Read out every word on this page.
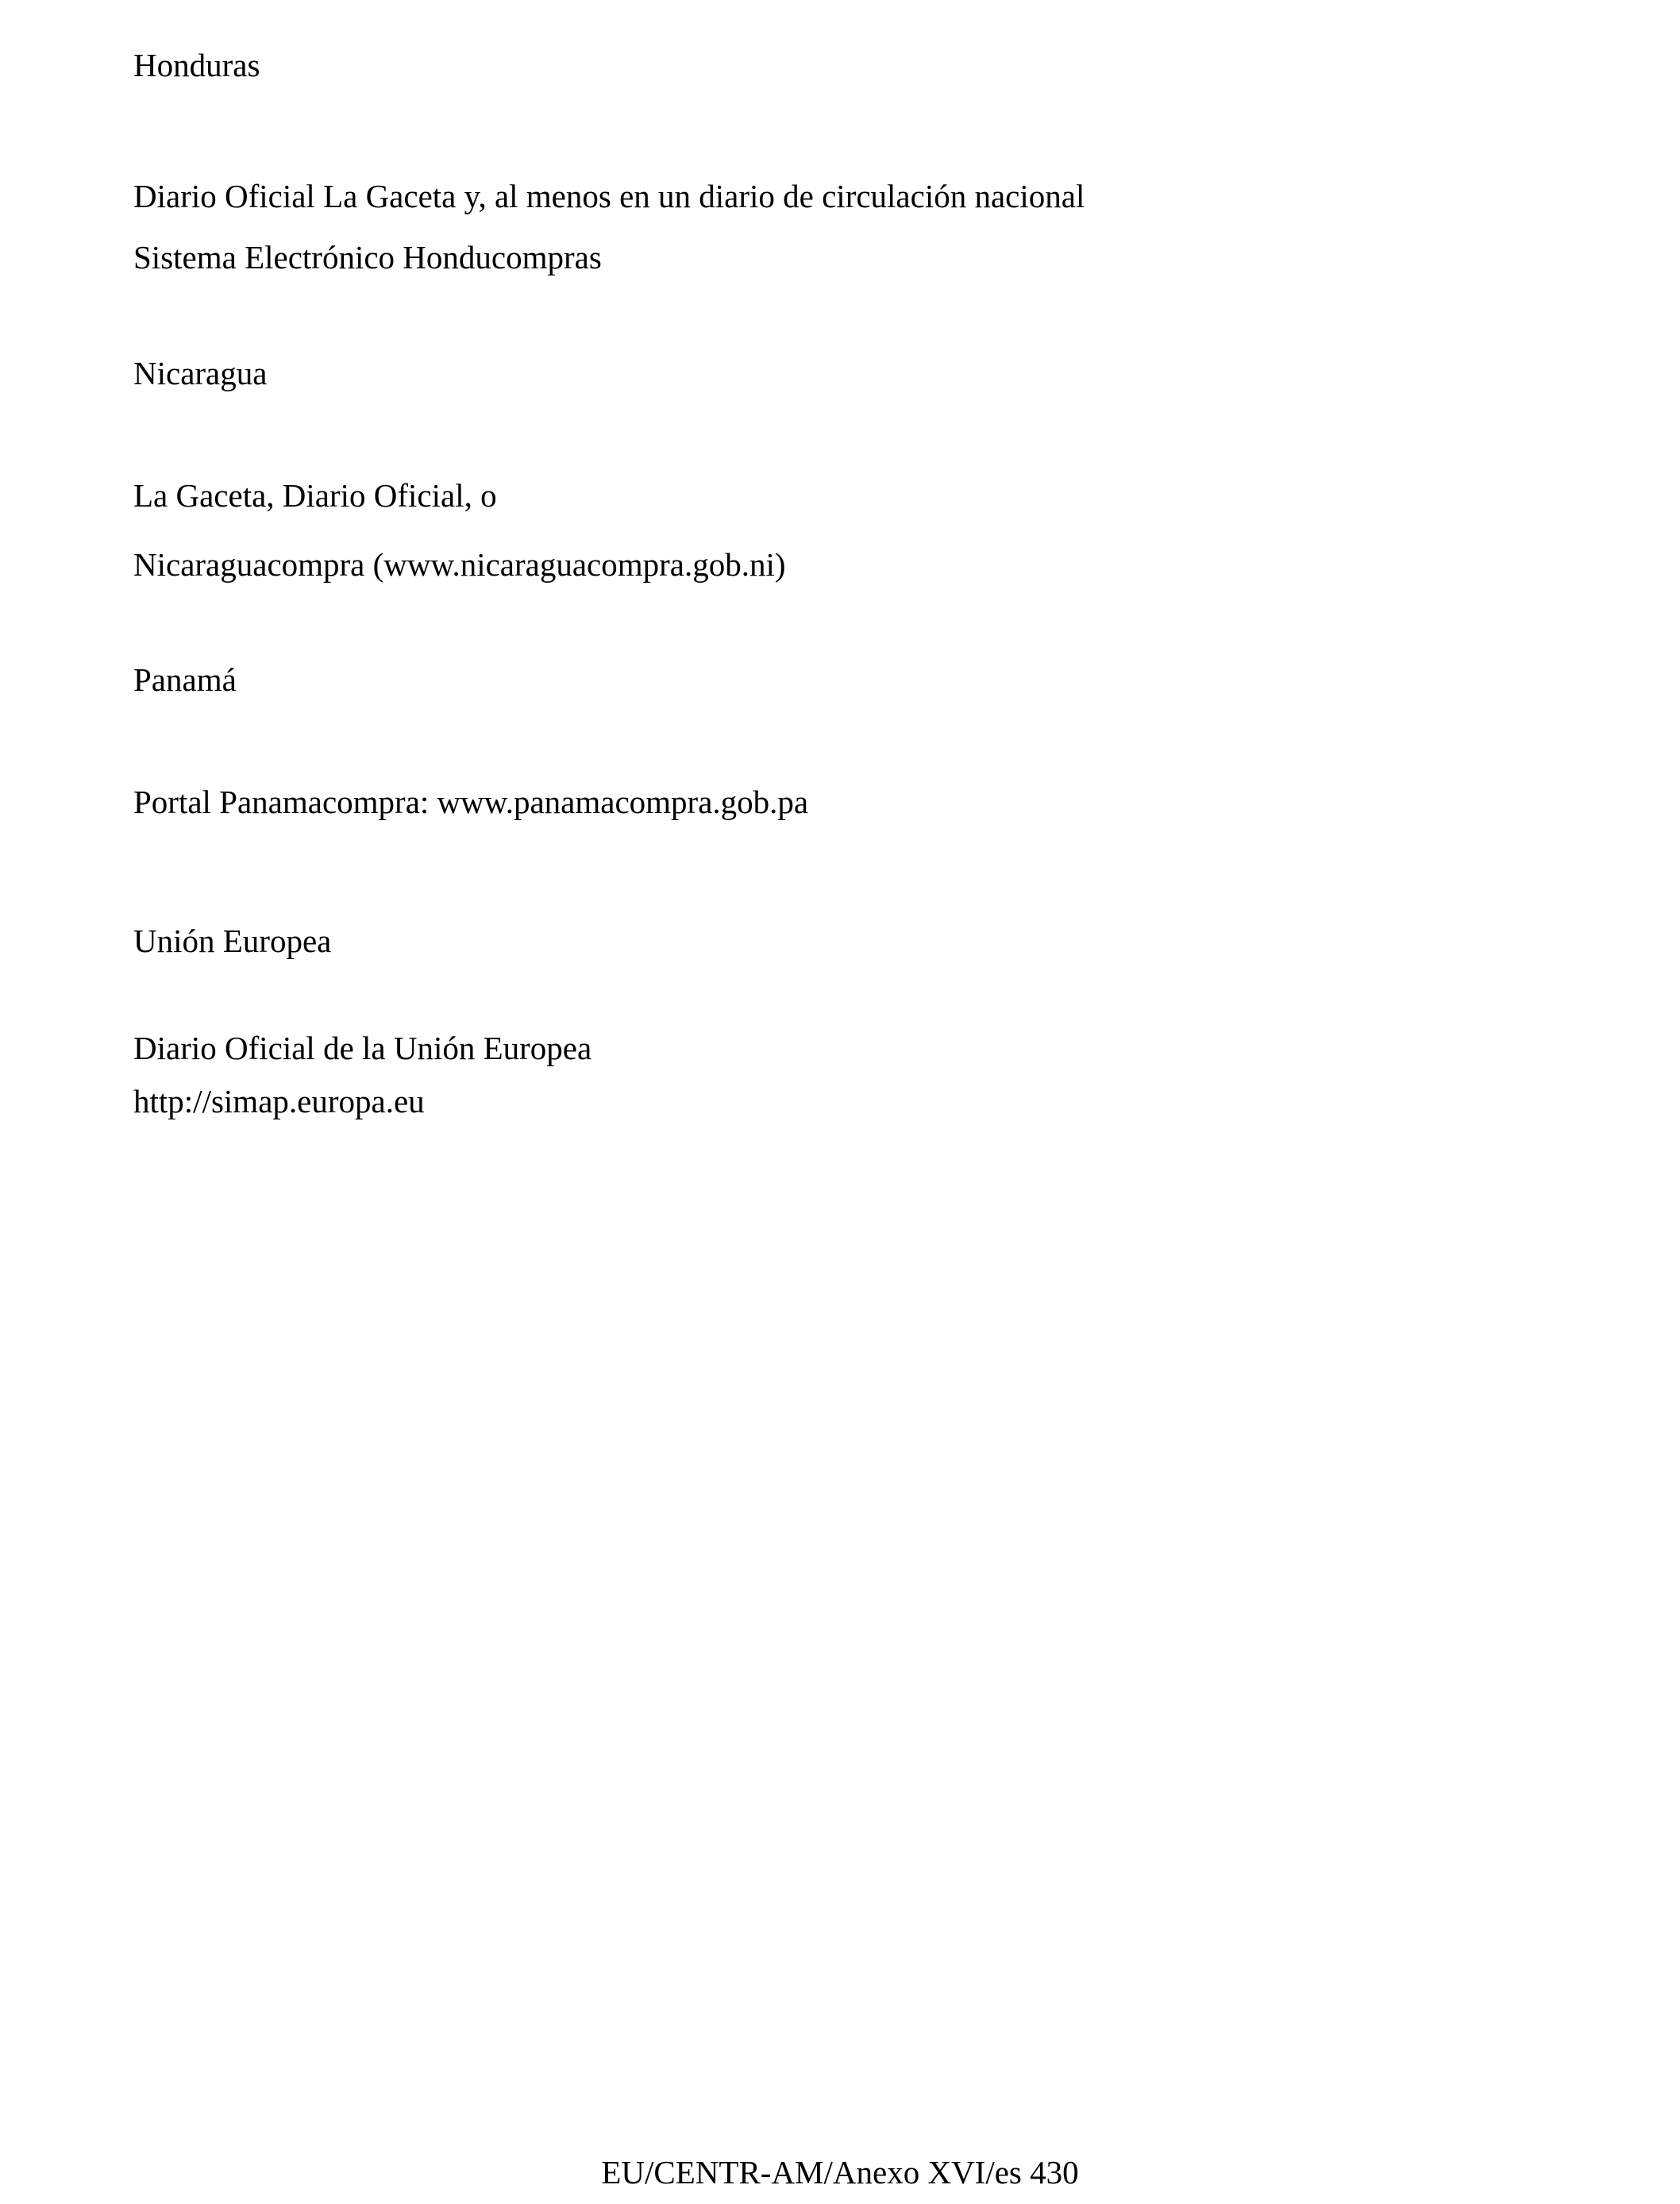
Honduras
Diario Oficial La Gaceta y, al menos en un diario de circulación nacional
Sistema Electrónico Honducompras
Nicaragua
La Gaceta, Diario Oficial, o
Nicaraguacompra (www.nicaraguacompra.gob.ni)
Panamá
Portal Panamacompra: www.panamacompra.gob.pa
Unión Europea
Diario Oficial de la Unión Europea
http://simap.europa.eu
EU/CENTR-AM/Anexo XVI/es 430
